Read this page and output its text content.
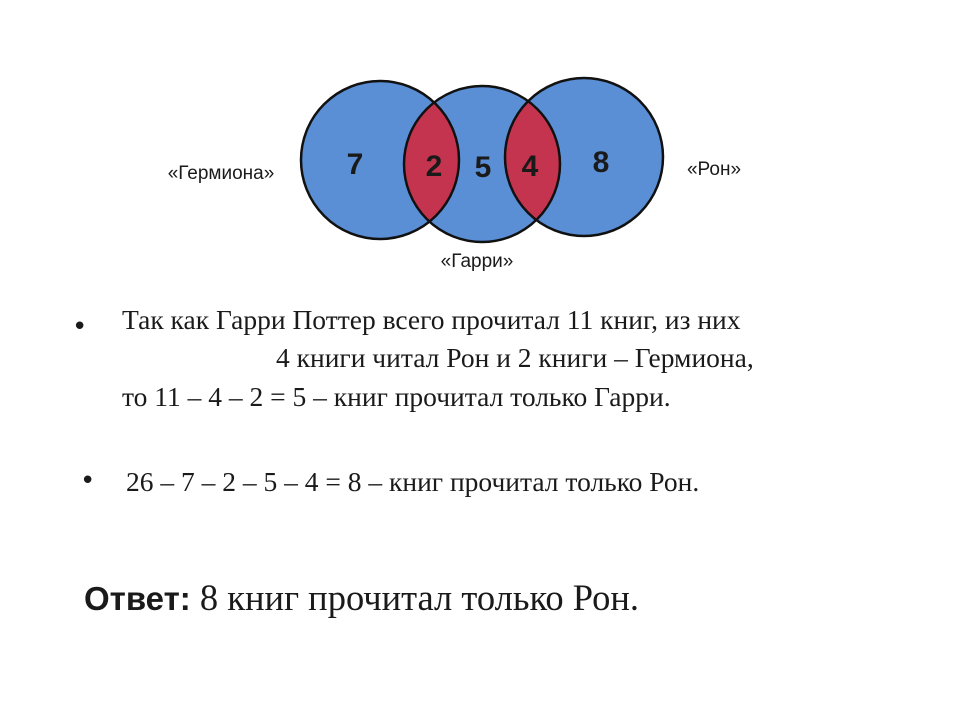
7 2 5 4 8
«Гермиона»
«Гарри»
«Рон»
• Так как Гарри Поттер всего прочитал 11 книг, из них
4 книги читал Рон и 2 книги – Гермиона,
то 11 – 4 – 2 = 5 – книг прочитал только Гарри.
• 26 – 7 – 2 – 5 – 4 = 8 – книг прочитал только Рон.
Ответ: 8 книг прочитал только Рон.
